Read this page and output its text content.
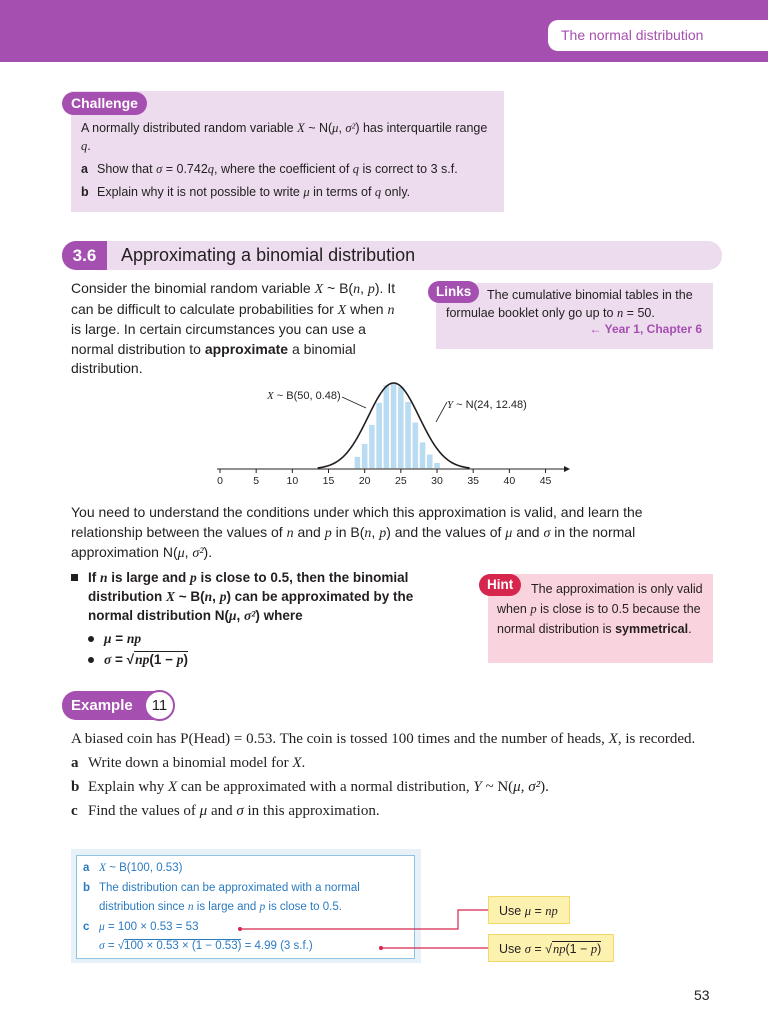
The normal distribution
Challenge

A normally distributed random variable X ~ N(μ, σ²) has interquartile range q.

a Show that σ = 0.742q, where the coefficient of q is correct to 3 s.f.

b Explain why it is not possible to write μ in terms of q only.

3.6	Approximating a binomial distribution
Consider the binomial random variable X ~ B(n, p). It can be difficult to calculate probabilities for X when n is large. In certain circumstances you can use a normal distribution to approximate a binomial distribution.
Links	The cumulative binomial tables in the formulae booklet only go up to n = 50.
← Year 1, Chapter 6
0	5	10 15 20 25 30 35 40 45
X ~ B(50, 0.48)
Y ~ N(24, 12.48)
You need to understand the conditions under which this approximation is valid, and learn the relationship between the values of n and p in B(n, p) and the values of μ and σ in the normal approximation N(μ, σ²).
If n is large and p is close to 0.5, then the binomial distribution X ~ B(n, p) can be approximated by the normal distribution N(μ, σ²) where
μ = np
σ = √np(1 − p)
Hint	The approximation is only valid when p is close is to 0.5 because the normal distribution is symmetrical.
Example	11

A biased coin has P(Head) = 0.53. The coin is tossed 100 times and the number of heads, X, is recorded.

a Write down a binomial model for X.

b Explain why X can be approximated with a normal distribution, Y ~ N(μ, σ²).

c Find the values of μ and σ in this approximation.

a X ~ B(100, 0.53)
b The distribution can be approximated with a normal distribution since n is large and p is close to 0.5.
c μ = 100 × 0.53 = 53
σ = √100 × 0.53 × (1 − 0.53) = 4.99 (3 s.f.)
Use μ = np
Use σ = √np(1 − p)
53
